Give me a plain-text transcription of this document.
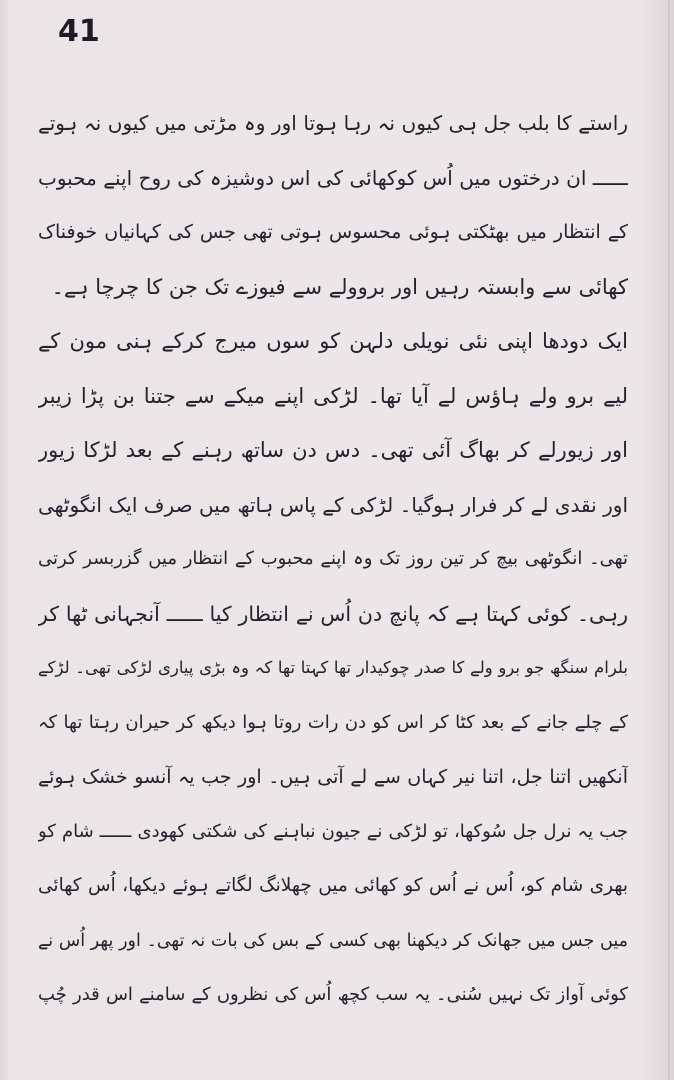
41
راستے کا بلب جل ہی کیوں نہ رہا ہوتا اور وہ مڑتی میں کیوں نہ ہوتے
ــــــ ان درختوں میں اُس کوکھائی کی اس دوشیزہ کی روح اپنے محبوب
کے انتظار میں بھٹکتی ہوئی محسوس ہوتی تھی جس کی کہانیاں خوفناک
کھائی سے وابستہ رہیں اور بروولے سے فیوزے تک جن کا چرچا ہے۔
ایک دودھا اپنی نئی نویلی دلہن کو سوں میرج کرکے ہنی مون کے
لیے برو ولے ہاؤس لے آیا تھا۔ لڑکی اپنے میکے سے جتنا بن پڑا زیبر
اور زیورلے کر بھاگ آئی تھی۔ دس دن ساتھ رہنے کے بعد لڑکا زیور
اور نقدی لے کر فرار ہوگیا۔ لڑکی کے پاس ہاتھ میں صرف ایک انگوٹھی
تھی۔ انگوٹھی بیچ کر تین روز تک وہ اپنے محبوب کے انتظار میں گزربسر کرتی
رہی۔ کوئی کہتا ہے کہ پانچ دن اُس نے انتظار کیا ــــــ آنجہانی ٹھا کر
بلرام سنگھ جو برو ولے کا صدر چوکیدار تھا کہتا تھا کہ وہ بڑی پیاری لڑکی تھی۔ لڑکے
کے چلے جانے کے بعد کٹا کر اس کو دن رات روتا ہوا دیکھ کر حیران رہتا تھا کہ
آنکھیں اتنا جل، اتنا نیر کہاں سے لے آتی ہیں۔ اور جب یہ آنسو خشک ہوئے
جب یہ نرل جل سُوکھا، تو لڑکی نے جیون نباہنے کی شکتی کھودی ــــــ شام کو
بھری شام کو، اُس نے اُس کو کھائی میں چھلانگ لگاتے ہوئے دیکھا، اُس کھائی
میں جس میں جھانک کر دیکھنا بھی کسی کے بس کی بات نہ تھی۔ اور پھر اُس نے
کوئی آواز تک نہیں سُنی۔ یہ سب کچھ اُس کی نظروں کے سامنے اس قدر چُپ
